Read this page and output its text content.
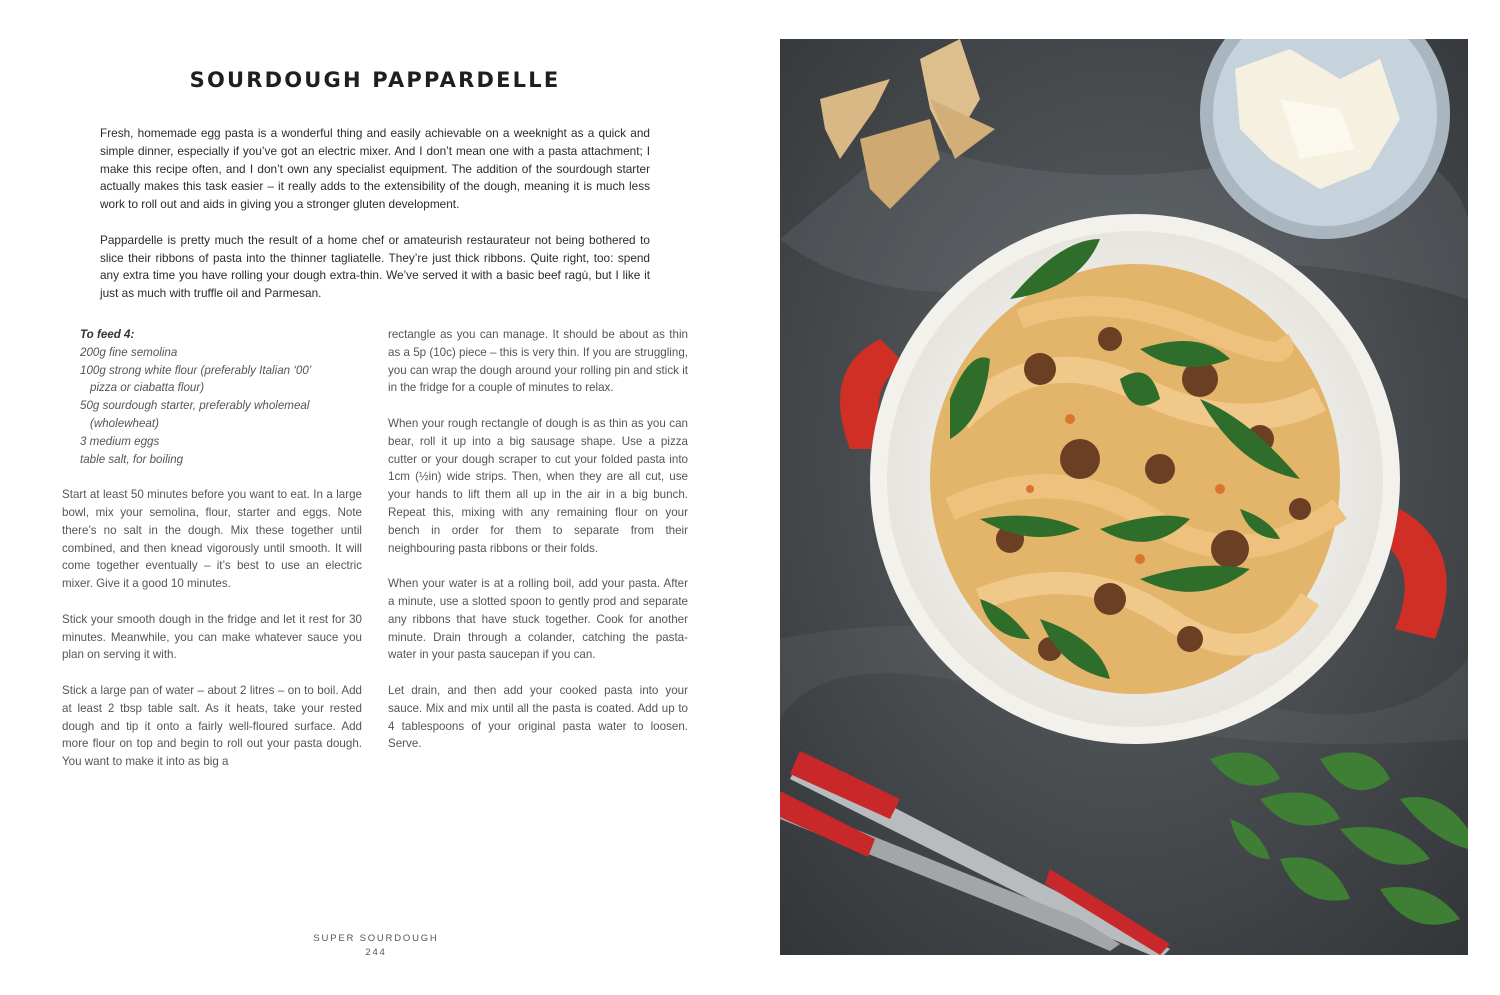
SOURDOUGH PAPPARDELLE

Fresh, homemade egg pasta is a wonderful thing and easily achievable on a weeknight as a quick and simple dinner, especially if you’ve got an electric mixer. And I don’t mean one with a pasta attachment; I make this recipe often, and I don’t own any specialist equipment. The addition of the sourdough starter actually makes this task easier – it really adds to the extensibility of the dough, meaning it is much less work to roll out and aids in giving you a stronger gluten development.

Pappardelle is pretty much the result of a home chef or amateurish restaurateur not being bothered to slice their ribbons of pasta into the thinner tagliatelle. They’re just thick ribbons. Quite right, too: spend any extra time you have rolling your dough extra-thin. We’ve served it with a basic beef ragù, but I like it just as much with truffle oil and Parmesan.

To feed 4:
200g fine semolina
100g strong white flour (preferably Italian ‘00’
pizza or ciabatta flour)
50g sourdough starter, preferably wholemeal
(wholewheat)
3 medium eggs
table salt, for boiling

Start at least 50 minutes before you want to eat. In a large bowl, mix your semolina, flour, starter and eggs. Note there’s no salt in the dough. Mix these together until combined, and then knead vigorously until smooth. It will come together eventually – it’s best to use an electric mixer. Give it a good 10 minutes.

Stick your smooth dough in the fridge and let it rest for 30 minutes. Meanwhile, you can make whatever sauce you plan on serving it with.

Stick a large pan of water – about 2 litres – on to boil. Add at least 2 tbsp table salt. As it heats, take your rested dough and tip it onto a fairly well-floured surface. Add more flour on top and begin to roll out your pasta dough. You want to make it into as big a

rectangle as you can manage. It should be about as thin as a 5p (10c) piece – this is very thin. If you are struggling, you can wrap the dough around your rolling pin and stick it in the fridge for a couple of minutes to relax.

When your rough rectangle of dough is as thin as you can bear, roll it up into a big sausage shape. Use a pizza cutter or your dough scraper to cut your folded pasta into 1cm (½in) wide strips. Then, when they are all cut, use your hands to lift them all up in the air in a big bunch. Repeat this, mixing with any remaining flour on your bench in order for them to separate from their neighbouring pasta ribbons or their folds.

When your water is at a rolling boil, add your pasta. After a minute, use a slotted spoon to gently prod and separate any ribbons that have stuck together. Cook for another minute. Drain through a colander, catching the pasta-water in your pasta saucepan if you can.

Let drain, and then add your cooked pasta into your sauce. Mix and mix until all the pasta is coated. Add up to 4 tablespoons of your original pasta water to loosen. Serve.

SUPER SOURDOUGH
244
